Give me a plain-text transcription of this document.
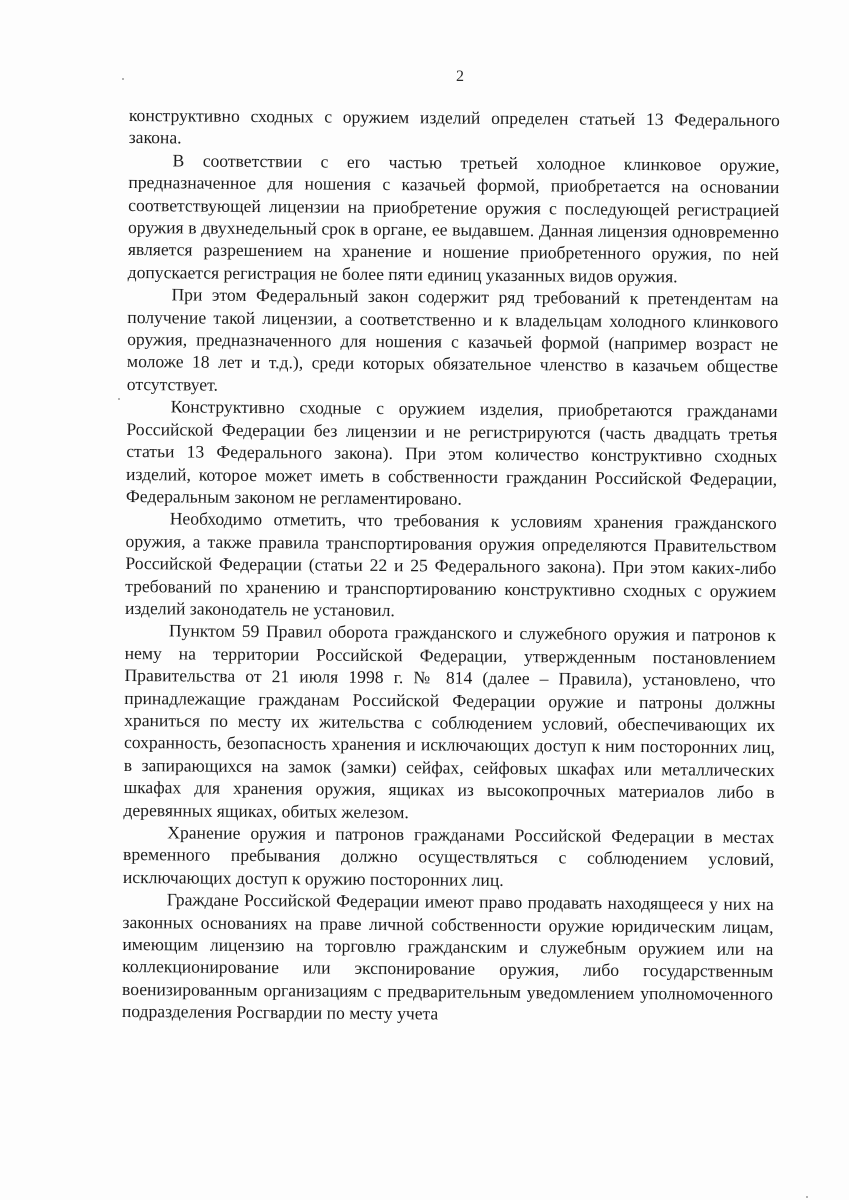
2

конструктивно сходных с оружием изделий определен статьей 13 Федерального закона.

В соответствии с его частью третьей холодное клинковое оружие, предназначенное для ношения с казачьей формой, приобретается на основании соответствующей лицензии на приобретение оружия с последующей регистрацией оружия в двухнедельный срок в органе, ее выдавшем. Данная лицензия одновременно является разрешением на хранение и ношение приобретенного оружия, по ней допускается регистрация не более пяти единиц указанных видов оружия.

При этом Федеральный закон содержит ряд требований к претендентам на получение такой лицензии, а соответственно и к владельцам холодного клинкового оружия, предназначенного для ношения с казачьей формой (например возраст не моложе 18 лет и т.д.), среди которых обязательное членство в казачьем обществе отсутствует.

Конструктивно сходные с оружием изделия, приобретаются гражданами Российской Федерации без лицензии и не регистрируются (часть двадцать третья статьи 13 Федерального закона). При этом количество конструктивно сходных изделий, которое может иметь в собственности гражданин Российской Федерации, Федеральным законом не регламентировано.

Необходимо отметить, что требования к условиям хранения гражданского оружия, а также правила транспортирования оружия определяются Правительством Российской Федерации (статьи 22 и 25 Федерального закона). При этом каких-либо требований по хранению и транспортированию конструктивно сходных с оружием изделий законодатель не установил.

Пунктом 59 Правил оборота гражданского и служебного оружия и патронов к нему на территории Российской Федерации, утвержденным постановлением Правительства от 21 июля 1998 г. № 814 (далее – Правила), установлено, что принадлежащие гражданам Российской Федерации оружие и патроны должны храниться по месту их жительства с соблюдением условий, обеспечивающих их сохранность, безопасность хранения и исключающих доступ к ним посторонних лиц, в запирающихся на замок (замки) сейфах, сейфовых шкафах или металлических шкафах для хранения оружия, ящиках из высокопрочных материалов либо в деревянных ящиках, обитых железом.

Хранение оружия и патронов гражданами Российской Федерации в местах временного пребывания должно осуществляться с соблюдением условий, исключающих доступ к оружию посторонних лиц.

Граждане Российской Федерации имеют право продавать находящееся у них на законных основаниях на праве личной собственности оружие юридическим лицам, имеющим лицензию на торговлю гражданским и служебным оружием или на коллекционирование или экспонирование оружия, либо государственным военизированным организациям с предварительным уведомлением уполномоченного подразделения Росгвардии по месту учета
